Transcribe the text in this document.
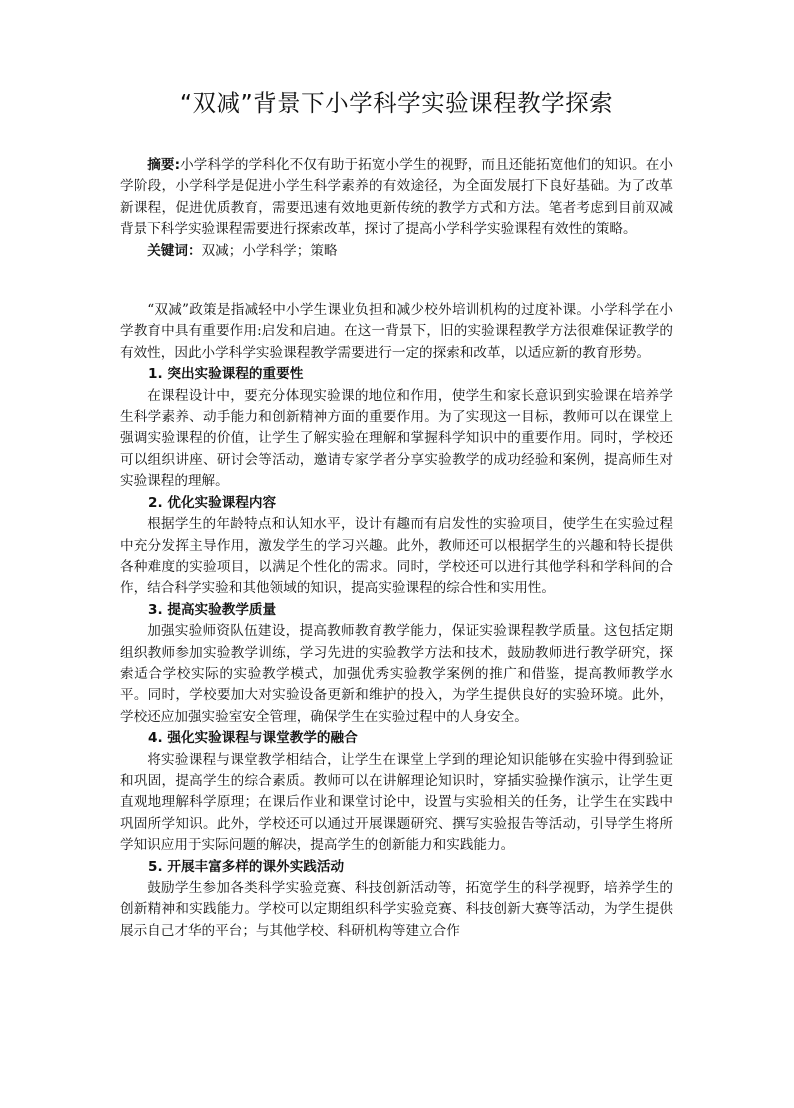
“双减”背景下小学科学实验课程教学探索

摘要:小学科学的学科化不仅有助于拓宽小学生的视野，而且还能拓宽他们的知识。在小学阶段，小学科学是促进小学生科学素养的有效途径，为全面发展打下良好基础。为了改革新课程，促进优质教育，需要迅速有效地更新传统的教学方式和方法。笔者考虑到目前双减背景下科学实验课程需要进行探索改革，探讨了提高小学科学实验课程有效性的策略。

关键词：双减；小学科学；策略

“双减”政策是指减轻中小学生课业负担和减少校外培训机构的过度补课。小学科学在小学教育中具有重要作用:启发和启迪。在这一背景下，旧的实验课程教学方法很难保证教学的有效性，因此小学科学实验课程教学需要进行一定的探索和改革，以适应新的教育形势。

1. 突出实验课程的重要性

在课程设计中，要充分体现实验课的地位和作用，使学生和家长意识到实验课在培养学生科学素养、动手能力和创新精神方面的重要作用。为了实现这一目标，教师可以在课堂上强调实验课程的价值，让学生了解实验在理解和掌握科学知识中的重要作用。同时，学校还可以组织讲座、研讨会等活动，邀请专家学者分享实验教学的成功经验和案例，提高师生对实验课程的理解。

2. 优化实验课程内容

根据学生的年龄特点和认知水平，设计有趣而有启发性的实验项目，使学生在实验过程中充分发挥主导作用，激发学生的学习兴趣。此外，教师还可以根据学生的兴趣和特长提供各种难度的实验项目，以满足个性化的需求。同时，学校还可以进行其他学科和学科间的合作，结合科学实验和其他领域的知识，提高实验课程的综合性和实用性。

3. 提高实验教学质量

加强实验师资队伍建设，提高教师教育教学能力，保证实验课程教学质量。这包括定期组织教师参加实验教学训练，学习先进的实验教学方法和技术，鼓励教师进行教学研究，探索适合学校实际的实验教学模式，加强优秀实验教学案例的推广和借鉴，提高教师教学水平。同时，学校要加大对实验设备更新和维护的投入，为学生提供良好的实验环境。此外，学校还应加强实验室安全管理，确保学生在实验过程中的人身安全。

4. 强化实验课程与课堂教学的融合

将实验课程与课堂教学相结合，让学生在课堂上学到的理论知识能够在实验中得到验证和巩固，提高学生的综合素质。教师可以在讲解理论知识时，穿插实验操作演示，让学生更直观地理解科学原理；在课后作业和课堂讨论中，设置与实验相关的任务，让学生在实践中巩固所学知识。此外，学校还可以通过开展课题研究、撰写实验报告等活动，引导学生将所学知识应用于实际问题的解决，提高学生的创新能力和实践能力。

5. 开展丰富多样的课外实践活动

鼓励学生参加各类科学实验竞赛、科技创新活动等，拓宽学生的科学视野，培养学生的创新精神和实践能力。学校可以定期组织科学实验竞赛、科技创新大赛等活动，为学生提供展示自己才华的平台；与其他学校、科研机构等建立合作
